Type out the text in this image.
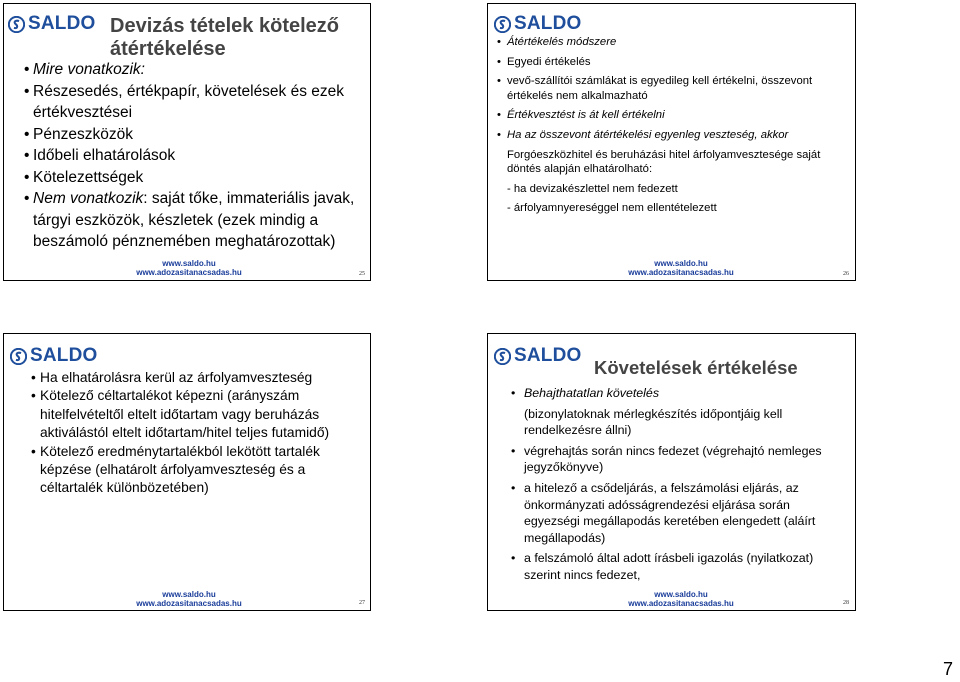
SALDO Devizás tételek kötelező átértékelése
• Mire vonatkozik:
• Részesedés, értékpapír, követelések és ezek értékvesztései
• Pénzeszközök
• Időbeli elhatárolások
• Kötelezettségek
• Nem vonatkozik: saját tőke, immateriális javak, tárgyi eszközök, készletek (ezek mindig a beszámoló pénznemében meghatározottak)
www.saldo.hu
www.adozasitanacsadas.hu	25
SALDO
• Átértékelés módszere
• Egyedi értékelés
• vevő-szállítói számlákat is egyedileg kell értékelni, összevont értékelés nem alkalmazható
• Értékvesztést is át kell értékelni
• Ha az összevont átértékelési egyenleg veszteség, akkor
Forgóeszközhitel és beruházási hitel árfolyamvesztesége saját döntés alapján elhatárolható:
- ha devizakészlettel nem fedezett
- árfolyamnyereséggel nem ellentételezett
www.saldo.hu
www.adozasitanacsadas.hu	26
SALDO
• Ha elhatárolásra kerül az árfolyamveszteség
• Kötelező céltartalékot képezni (arányszám hitelfelvételtől eltelt időtartam vagy beruházás aktiválástól eltelt időtartam/hitel teljes futamidő)
• Kötelező eredménytartalékból lekötött tartalék képzése (elhatárolt árfolyamveszteség és a céltartalék különbözetében)
www.saldo.hu
www.adozasitanacsadas.hu	27
SALDO
Követelések értékelése
• Behajthatatlan követelés
(bizonylatoknak mérlegkészítés időpontjáig kell rendelkezésre állni)
• végrehajtás során nincs fedezet (végrehajtó nemleges jegyzőkönyve)
• a hitelező a csődeljárás, a felszámolási eljárás, az önkormányzati adósságrendezési eljárása során egyezségi megállapodás keretében elengedett (aláírt megállapodás)
• a felszámoló által adott írásbeli igazolás (nyilatkozat) szerint nincs fedezet,
www.saldo.hu
www.adozasitanacsadas.hu	28
7
